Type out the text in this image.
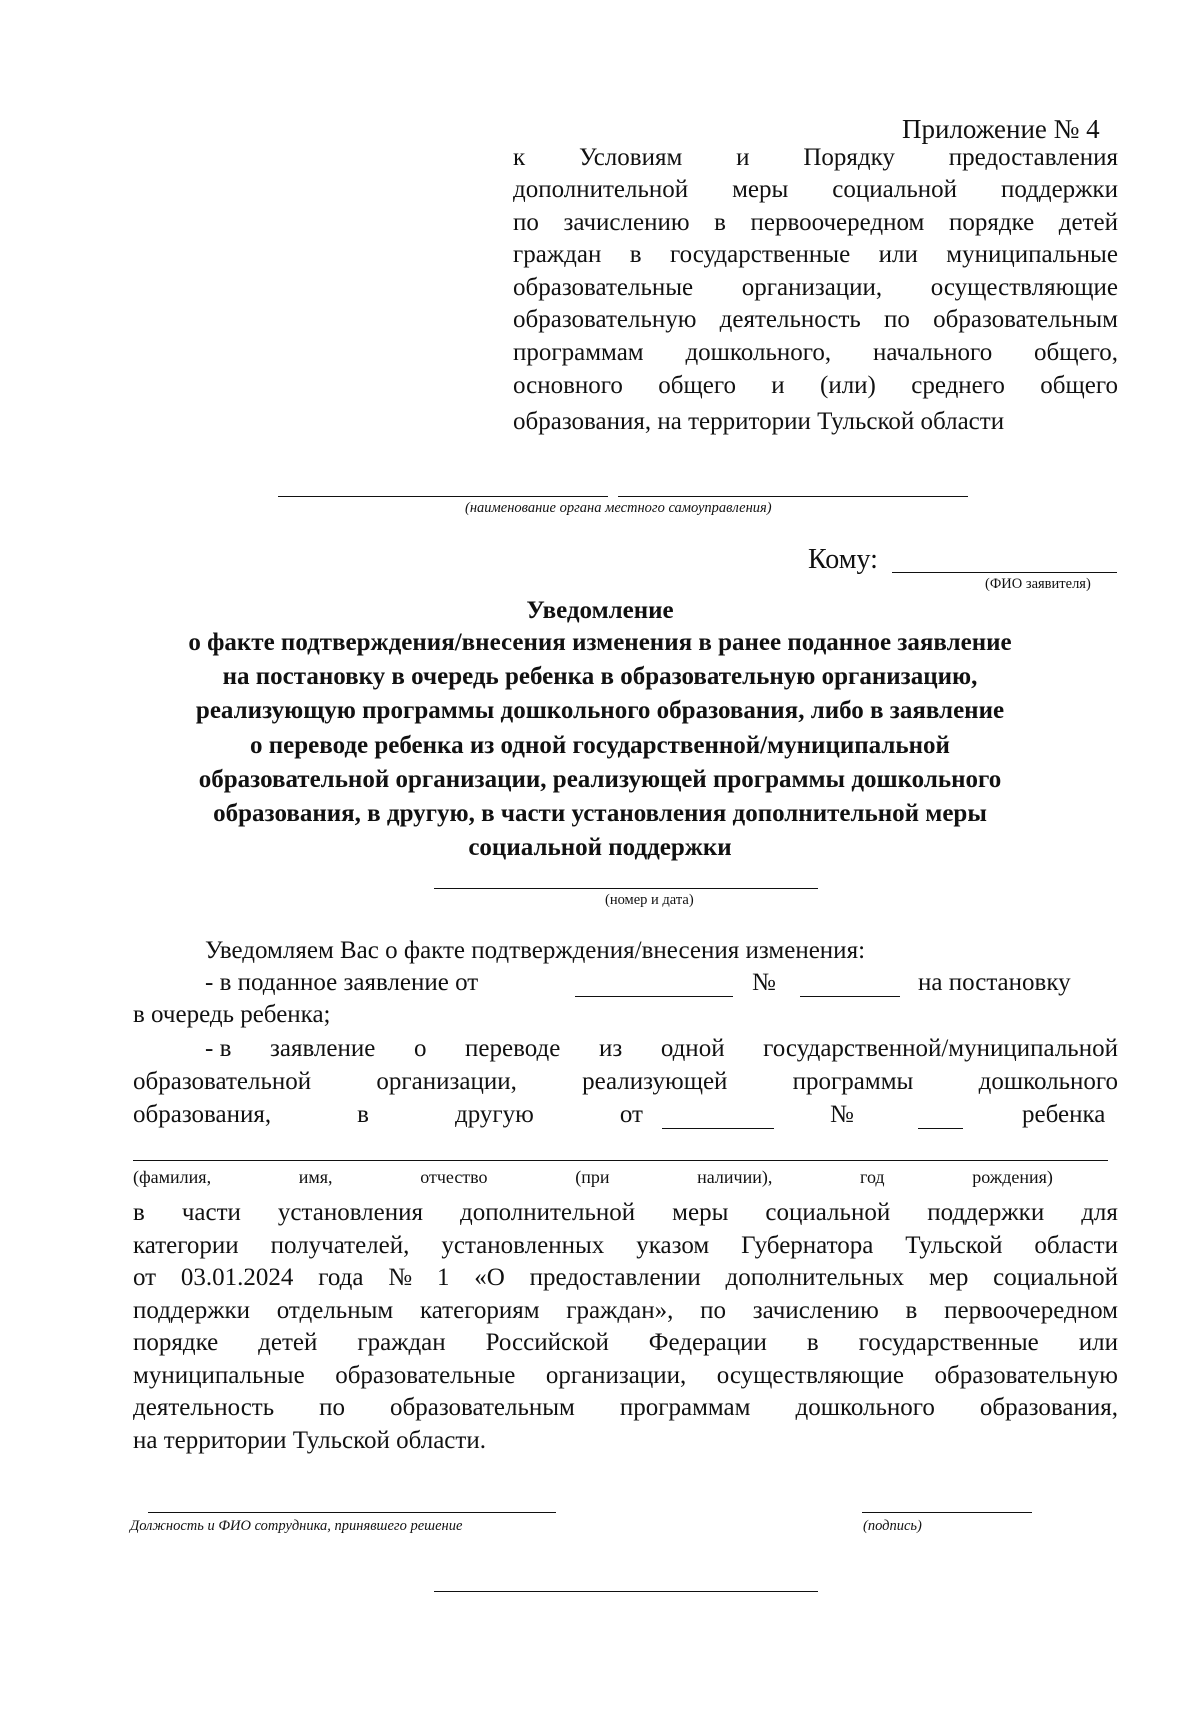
Приложение № 4
к Условиям и Порядку предоставления
дополнительной меры социальной поддержки
по зачислению в первоочередном порядке детей
граждан в государственные или муниципальные
образовательные организации, осуществляющие
образовательную деятельность по образовательным
программам дошкольного, начального общего,
основного общего и (или) среднего общего
образования, на территории Тульской области
(наименование органа местного самоуправления)
Кому:
(ФИО заявителя)
Уведомление
о факте подтверждения/внесения изменения в ранее поданное заявление
на постановку в очередь ребенка в образовательную организацию,
реализующую программы дошкольного образования, либо в заявление
о переводе ребенка из одной государственной/муниципальной
образовательной организации, реализующей программы дошкольного
образования, в другую, в части установления дополнительной меры
социальной поддержки
(номер и дата)
Уведомляем Вас о факте подтверждения/внесения изменения:
- в поданное заявление от	№	на постановку
в очередь ребенка;
- в заявление о переводе из одной государственной/муниципальной
образовательной	организации,	реализующей	программы	дошкольного
образования,	в	другую	от	№	ребенка
(фамилия,	имя,	отчество	(при	наличии),	год	рождения)
в части установления дополнительной меры социальной поддержки для
категории получателей, установленных указом Губернатора Тульской области
от 03.01.2024 года № 1 «О предоставлении дополнительных мер социальной
поддержки отдельным категориям граждан», по зачислению в первоочередном
порядке детей граждан Российской Федерации в государственные или
муниципальные образовательные организации, осуществляющие образовательную
деятельность по образовательным программам дошкольного образования,
на территории Тульской области.
Должность и ФИО сотрудника, принявшего решение	(подпись)
